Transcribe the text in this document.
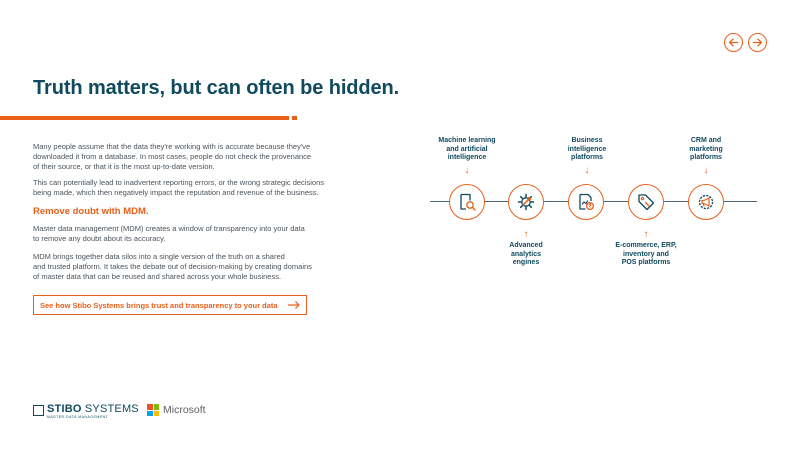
Truth matters, but can often be hidden.
Many people assume that the data they're working with is accurate because they've
downloaded it from a database. In most cases, people do not check the provenance
of their source, or that it is the most up-to-date version.
This can potentially lead to inadvertent reporting errors, or the wrong strategic decisions
being made, which then negatively impact the reputation and revenue of the business.
Remove doubt with MDM.
Master data management (MDM) creates a window of transparency into your data
to remove any doubt about its accuracy.
MDM brings together data silos into a single version of the truth on a shared
and trusted platform. It takes the debate out of decision-making by creating domains
of master data that can be reused and shared across your whole business.
See how Stibo Systems brings trust and transparency to your data
Machine learning
and artificial
intelligence
↓
↑
Advanced
analytics
engines
Business
intelligence
platforms
↓
↑
E-commerce, ERP,
inventory and
POS platforms
CRM and
marketing
platforms
↓
STIBO SYSTEMS
MASTER DATA MANAGEMENT
Microsoft
